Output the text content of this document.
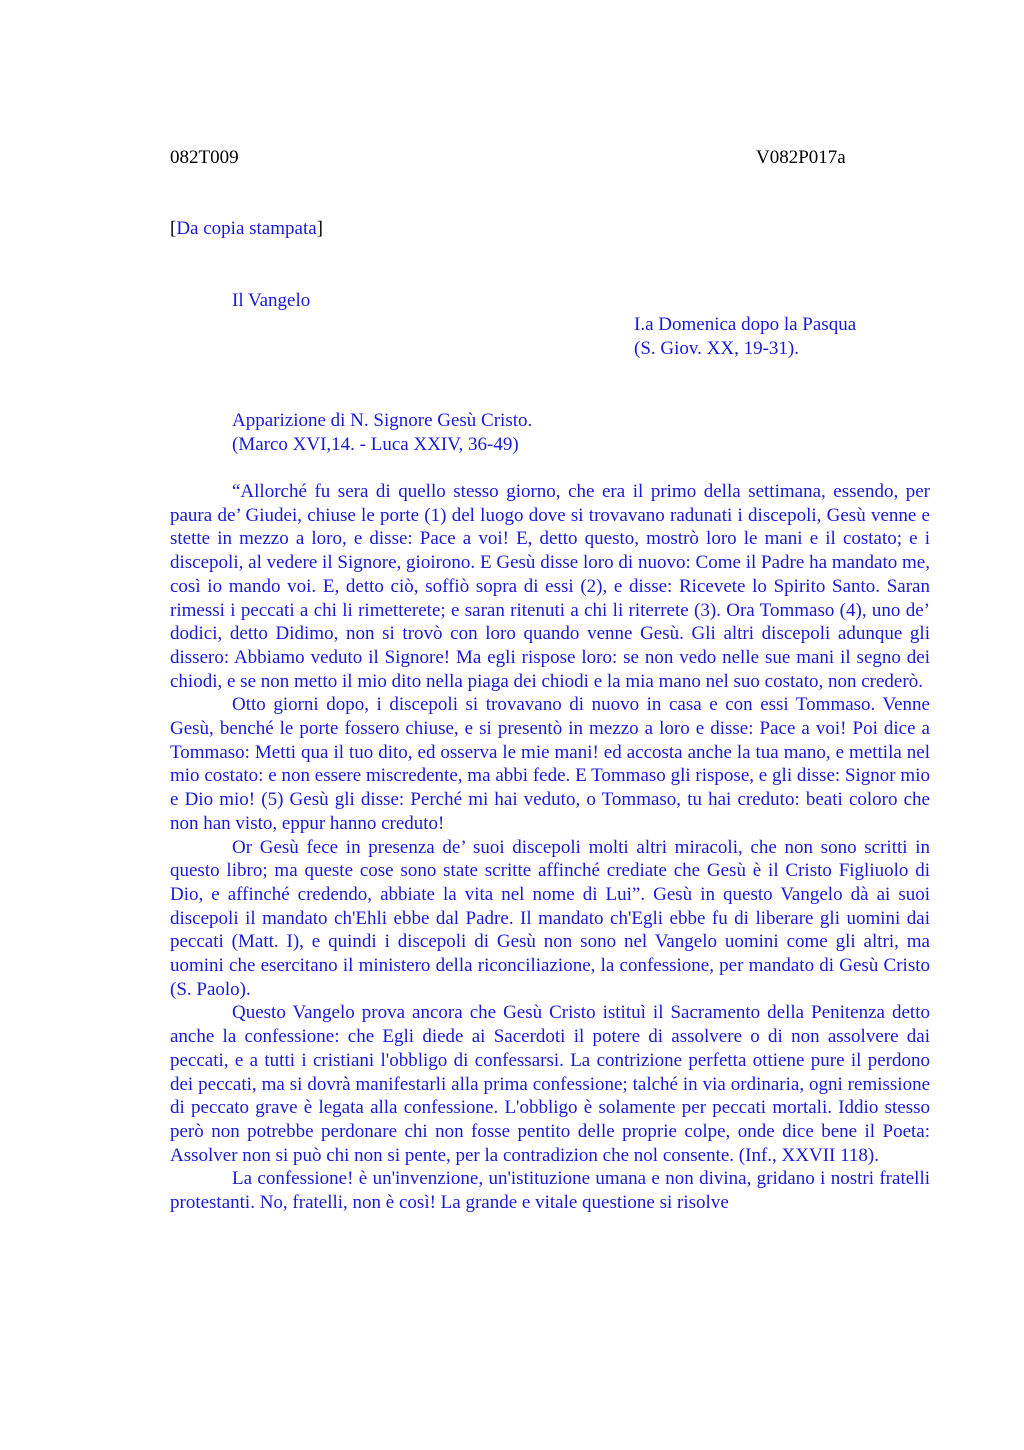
082T009	V082P017a
[Da copia stampata]
Il Vangelo
I.a Domenica dopo la Pasqua
(S. Giov. XX, 19-31).
Apparizione di N. Signore Gesù Cristo.
(Marco XVI,14. - Luca XXIV, 36-49)

“Allorché fu sera di quello stesso giorno, che era il primo della settimana, essendo, per paura de’ Giudei, chiuse le porte (1) del luogo dove si trovavano radunati i discepoli, Gesù venne e stette in mezzo a loro, e disse: Pace a voi! E, detto questo, mostrò loro le mani e il costato; e i discepoli, al vedere il Signore, gioirono. E Gesù disse loro di nuovo: Come il Padre ha mandato me, così io mando voi. E, detto ciò, soffiò sopra di essi (2), e disse: Ricevete lo Spirito Santo. Saran rimessi i peccati a chi li rimetterete; e saran ritenuti a chi li riterrete (3). Ora Tommaso (4), uno de’ dodici, detto Didimo, non si trovò con loro quando venne Gesù. Gli altri discepoli adunque gli dissero: Abbiamo veduto il Signore! Ma egli rispose loro: se non vedo nelle sue mani il segno dei chiodi, e se non metto il mio dito nella piaga dei chiodi e la mia mano nel suo costato, non crederò.

Otto giorni dopo, i discepoli si trovavano di nuovo in casa e con essi Tommaso. Venne Gesù, benché le porte fossero chiuse, e si presentò in mezzo a loro e disse: Pace a voi! Poi dice a Tommaso: Metti qua il tuo dito, ed osserva le mie mani! ed accosta anche la tua mano, e mettila nel mio costato: e non essere miscredente, ma abbi fede. E Tommaso gli rispose, e gli disse: Signor mio e Dio mio! (5) Gesù gli disse: Perché mi hai veduto, o Tommaso, tu hai creduto: beati coloro che non han visto, eppur hanno creduto!

Or Gesù fece in presenza de’ suoi discepoli molti altri miracoli, che non sono scritti in questo libro; ma queste cose sono state scritte affinché crediate che Gesù è il Cristo Figliuolo di Dio, e affinché credendo, abbiate la vita nel nome di Lui”. Gesù in questo Vangelo dà ai suoi discepoli il mandato ch'Ehli ebbe dal Padre. Il mandato ch'Egli ebbe fu di liberare gli uomini dai peccati (Matt. I), e quindi i discepoli di Gesù non sono nel Vangelo uomini come gli altri, ma uomini che esercitano il ministero della riconciliazione, la confessione, per mandato di Gesù Cristo (S. Paolo).

Questo Vangelo prova ancora che Gesù Cristo istituì il Sacramento della Penitenza detto anche la confessione: che Egli diede ai Sacerdoti il potere di assolvere o di non assolvere dai peccati, e a tutti i cristiani l'obbligo di confessarsi. La contrizione perfetta ottiene pure il perdono dei peccati, ma si dovrà manifestarli alla prima confessione; talché in via ordinaria, ogni remissione di peccato grave è legata alla confessione. L'obbligo è solamente per peccati mortali. Iddio stesso però non potrebbe perdonare chi non fosse pentito delle proprie colpe, onde dice bene il Poeta: Assolver non si può chi non si pente, per la contradizion che nol consente. (Inf., XXVII 118).

La confessione! è un'invenzione, un'istituzione umana e non divina, gridano i nostri fratelli protestanti. No, fratelli, non è così! La grande e vitale questione si risolve
